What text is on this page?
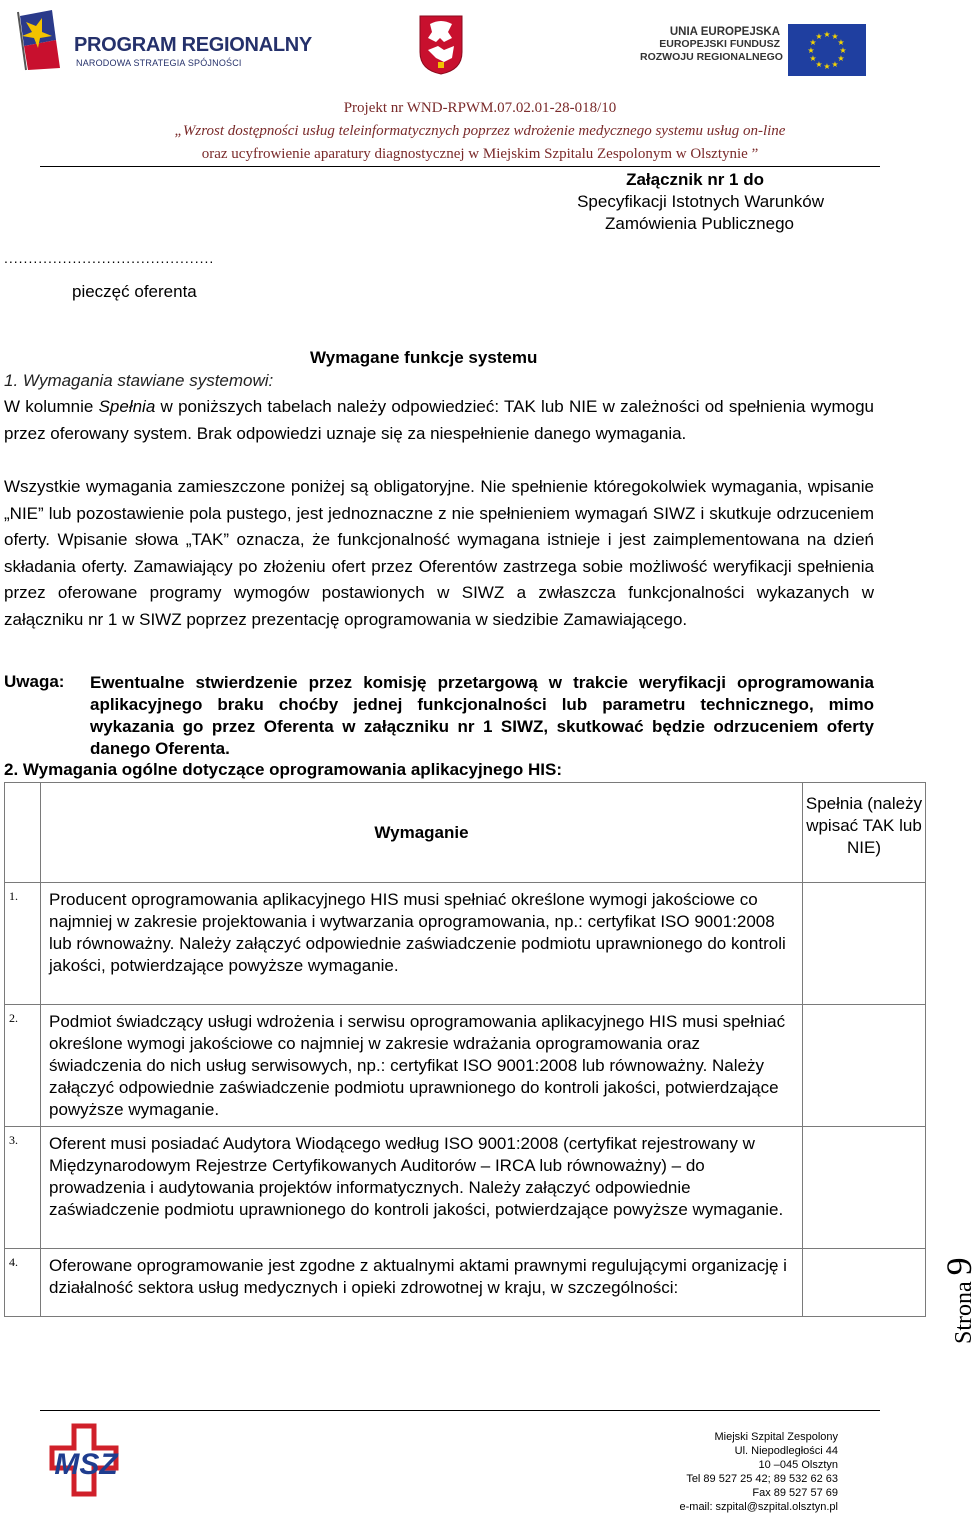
PROGRAM REGIONALNY
NARODOWA STRATEGIA SPÓJNOŚCI
UNIA EUROPEJSKA
EUROPEJSKI FUNDUSZ
ROZWOJU REGIONALNEGO
★ ★
★
★
★
★
★
★
★
★
★
★
Projekt nr WND-RPWM.07.02.01-28-018/10
„Wzrost dostępności usług teleinformatycznych poprzez wdrożenie medycznego systemu usług on-line
oraz ucyfrowienie aparatury diagnostycznej w Miejskim Szpitalu Zespolonym w Olsztynie ”
Załącznik nr 1 do
Specyfikacji Istotnych Warunków
Zamówienia Publicznego
...........................................
pieczęć oferenta
Wymagane funkcje systemu
1. Wymagania stawiane systemowi:
W kolumnie Spełnia w poniższych tabelach należy odpowiedzieć: TAK lub NIE w zależności od spełnienia wymogu przez oferowany system. Brak odpowiedzi uznaje się za niespełnienie danego wymagania.
Wszystkie wymagania zamieszczone poniżej są obligatoryjne. Nie spełnienie któregokolwiek wymagania, wpisanie „NIE” lub pozostawienie pola pustego, jest jednoznaczne z nie spełnieniem wymagań SIWZ i skutkuje odrzuceniem oferty. Wpisanie słowa „TAK” oznacza, że funkcjonalność wymagana istnieje i jest zaimplementowana na dzień składania oferty. Zamawiający po złożeniu ofert przez Oferentów zastrzega sobie możliwość weryfikacji spełnienia przez oferowane programy wymogów postawionych w SIWZ a zwłaszcza funkcjonalności wykazanych w załączniku nr 1 w SIWZ poprzez prezentację oprogramowania w siedzibie Zamawiającego.
Uwaga: Ewentualne stwierdzenie przez komisję przetargową w trakcie weryfikacji oprogramowania aplikacyjnego braku choćby jednej funkcjonalności lub parametru technicznego, mimo wykazania go przez Oferenta w załączniku nr 1 SIWZ, skutkować będzie odrzuceniem oferty danego Oferenta.
2. Wymagania ogólne dotyczące oprogramowania aplikacyjnego HIS:
	Wymaganie	Spełnia (należy wpisać TAK lub NIE)
1.	Producent oprogramowania aplikacyjnego HIS musi spełniać określone wymogi jakościowe co najmniej w zakresie projektowania i wytwarzania oprogramowania, np.: certyfikat ISO 9001:2008 lub równoważny. Należy załączyć odpowiednie zaświadczenie podmiotu uprawnionego do kontroli jakości, potwierdzające powyższe wymaganie.	
2.	Podmiot świadczący usługi wdrożenia i serwisu oprogramowania aplikacyjnego HIS musi spełniać określone wymogi jakościowe co najmniej w zakresie wdrażania oprogramowania oraz świadczenia do nich usług serwisowych, np.: certyfikat ISO 9001:2008 lub równoważny. Należy załączyć odpowiednie zaświadczenie podmiotu uprawnionego do kontroli jakości, potwierdzające powyższe wymaganie.	
3.	Oferent musi posiadać Audytora Wiodącego według ISO 9001:2008 (certyfikat rejestrowany w Międzynarodowym Rejestrze Certyfikowanych Auditorów – IRCA lub równoważny) – do prowadzenia i audytowania projektów informatycznych. Należy załączyć odpowiednie zaświadczenie podmiotu uprawnionego do kontroli jakości, potwierdzające powyższe wymaganie.	
4.	Oferowane oprogramowanie jest zgodne z aktualnymi aktami prawnymi regulującymi organizację i działalność sektora usług medycznych i opieki zdrowotnej w kraju, w szczególności:		Strona 9
MSZ
Miejski Szpital Zespolony
Ul. Niepodległości 44
10 –045 Olsztyn
Tel 89 527 25 42; 89 532 62 63
Fax 89 527 57 69
e-mail: szpital@szpital.olsztyn.pl
